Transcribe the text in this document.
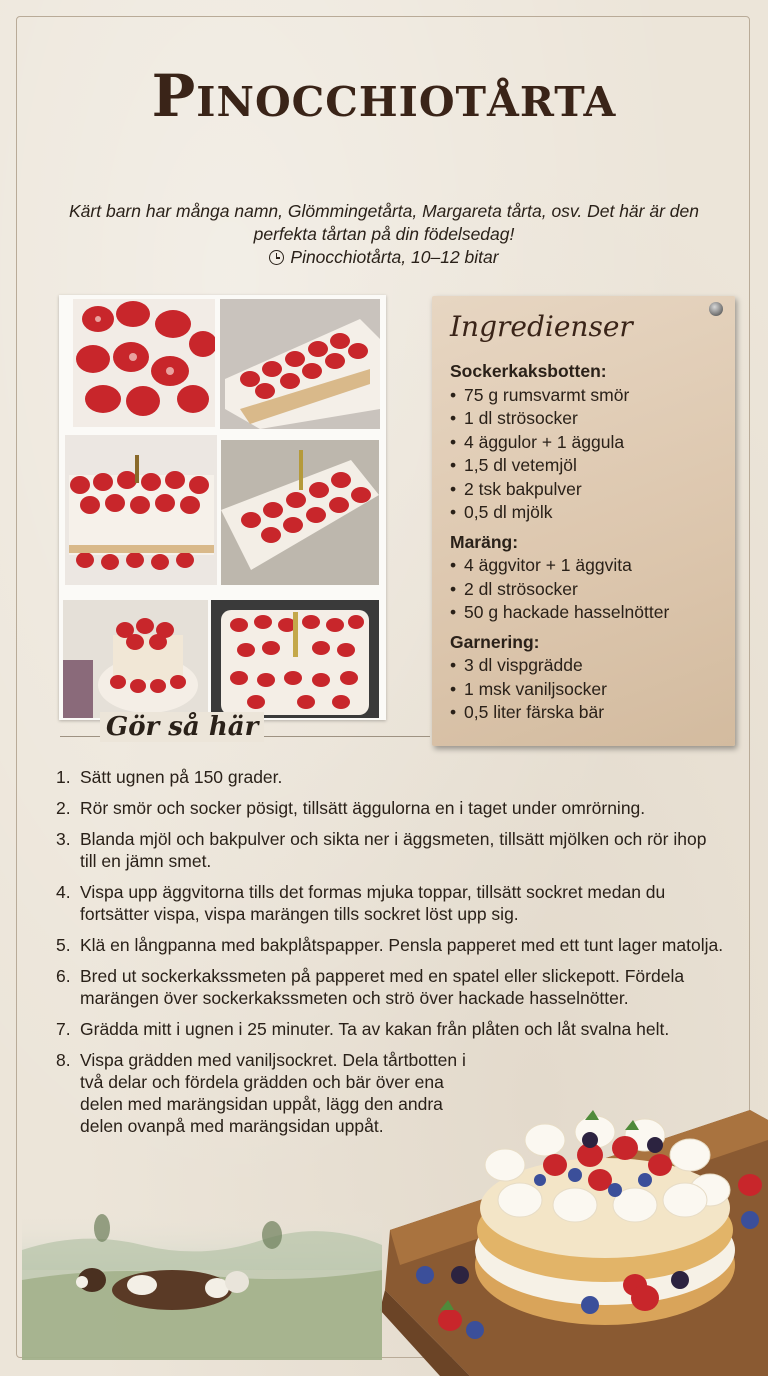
Pinocchiotårta
Kärt barn har många namn, Glömmingetårta, Margareta tårta, osv. Det här är den perfekta tårtan på din födelsedag!
Pinocchiotårta, 10–12 bitar
Ingredienser
Sockerkaksbotten:
• 75 g rumsvarmt smör
• 1 dl strösocker
• 4 äggulor + 1 äggula
• 1,5 dl vetemjöl
• 2 tsk bakpulver
• 0,5 dl mjölk
Maräng:
• 4 äggvitor + 1 äggvita
• 2 dl strösocker
• 50 g hackade hasselnötter
Garnering:
• 3 dl vispgrädde
• 1 msk vaniljsocker
• 0,5 liter färska bär
Gör så här
1. Sätt ugnen på 150 grader.
2. Rör smör och socker pösigt, tillsätt äggulorna en i taget under omrörning.
3. Blanda mjöl och bakpulver och sikta ner i äggsmeten, tillsätt mjölken och rör ihop till en jämn smet.
4. Vispa upp äggvitorna tills det formas mjuka toppar, tillsätt sockret medan du fortsätter vispa, vispa marängen tills sockret löst upp sig.
5. Klä en långpanna med bakplåtspapper. Pensla papperet med ett tunt lager matolja.
6. Bred ut sockerkakssmeten på papperet med en spatel eller slickepott. Fördela marängen över sockerkakssmeten och strö över hackade hasselnötter.
7. Grädda mitt i ugnen i 25 minuter. Ta av kakan från plåten och låt svalna helt.
8. Vispa grädden med vaniljsockret. Dela tårtbotten i två delar och fördela grädden och bär över ena delen med marängsidan uppåt, lägg den andra delen ovanpå med marängsidan uppåt.
